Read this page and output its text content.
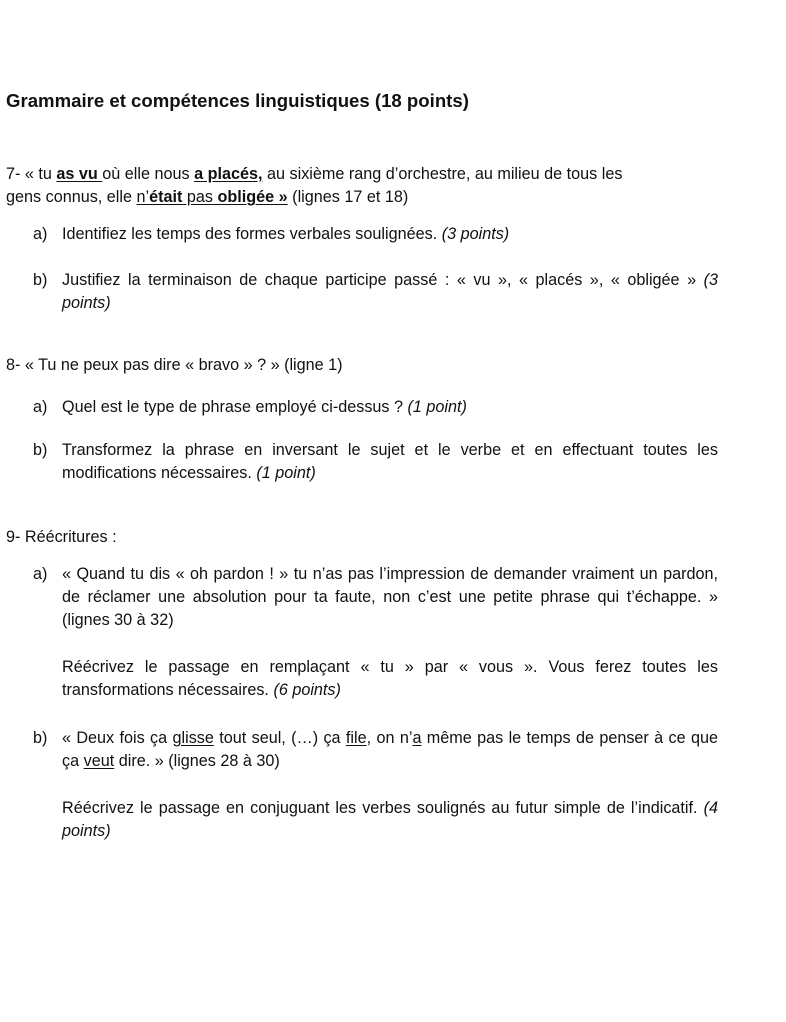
Grammaire et compétences linguistiques (18 points)
7- « tu as vu où elle nous a placés, au sixième rang d’orchestre, au milieu de tous les
gens connus, elle n’était pas obligée » (lignes 17 et 18)
a) Identifiez les temps des formes verbales soulignées. (3 points)
b) Justifiez la terminaison de chaque participe passé : « vu », « placés », « obligée » (3 points)
8- « Tu ne peux pas dire « bravo » ? » (ligne 1)
a) Quel est le type de phrase employé ci-dessus ? (1 point)
b) Transformez la phrase en inversant le sujet et le verbe et en effectuant toutes les modifications nécessaires. (1 point)
9- Réécritures :
a) « Quand tu dis « oh pardon ! » tu n’as pas l’impression de demander vraiment un pardon, de réclamer une absolution pour ta faute, non c’est une petite phrase qui t’échappe. » (lignes 30 à 32)
Réécrivez le passage en remplaçant « tu » par « vous ». Vous ferez toutes les transformations nécessaires. (6 points)
b) « Deux fois ça glisse tout seul, (…) ça file, on n’a même pas le temps de penser à ce que ça veut dire. » (lignes 28 à 30)
Réécrivez le passage en conjuguant les verbes soulignés au futur simple de l’indicatif. (4 points)
